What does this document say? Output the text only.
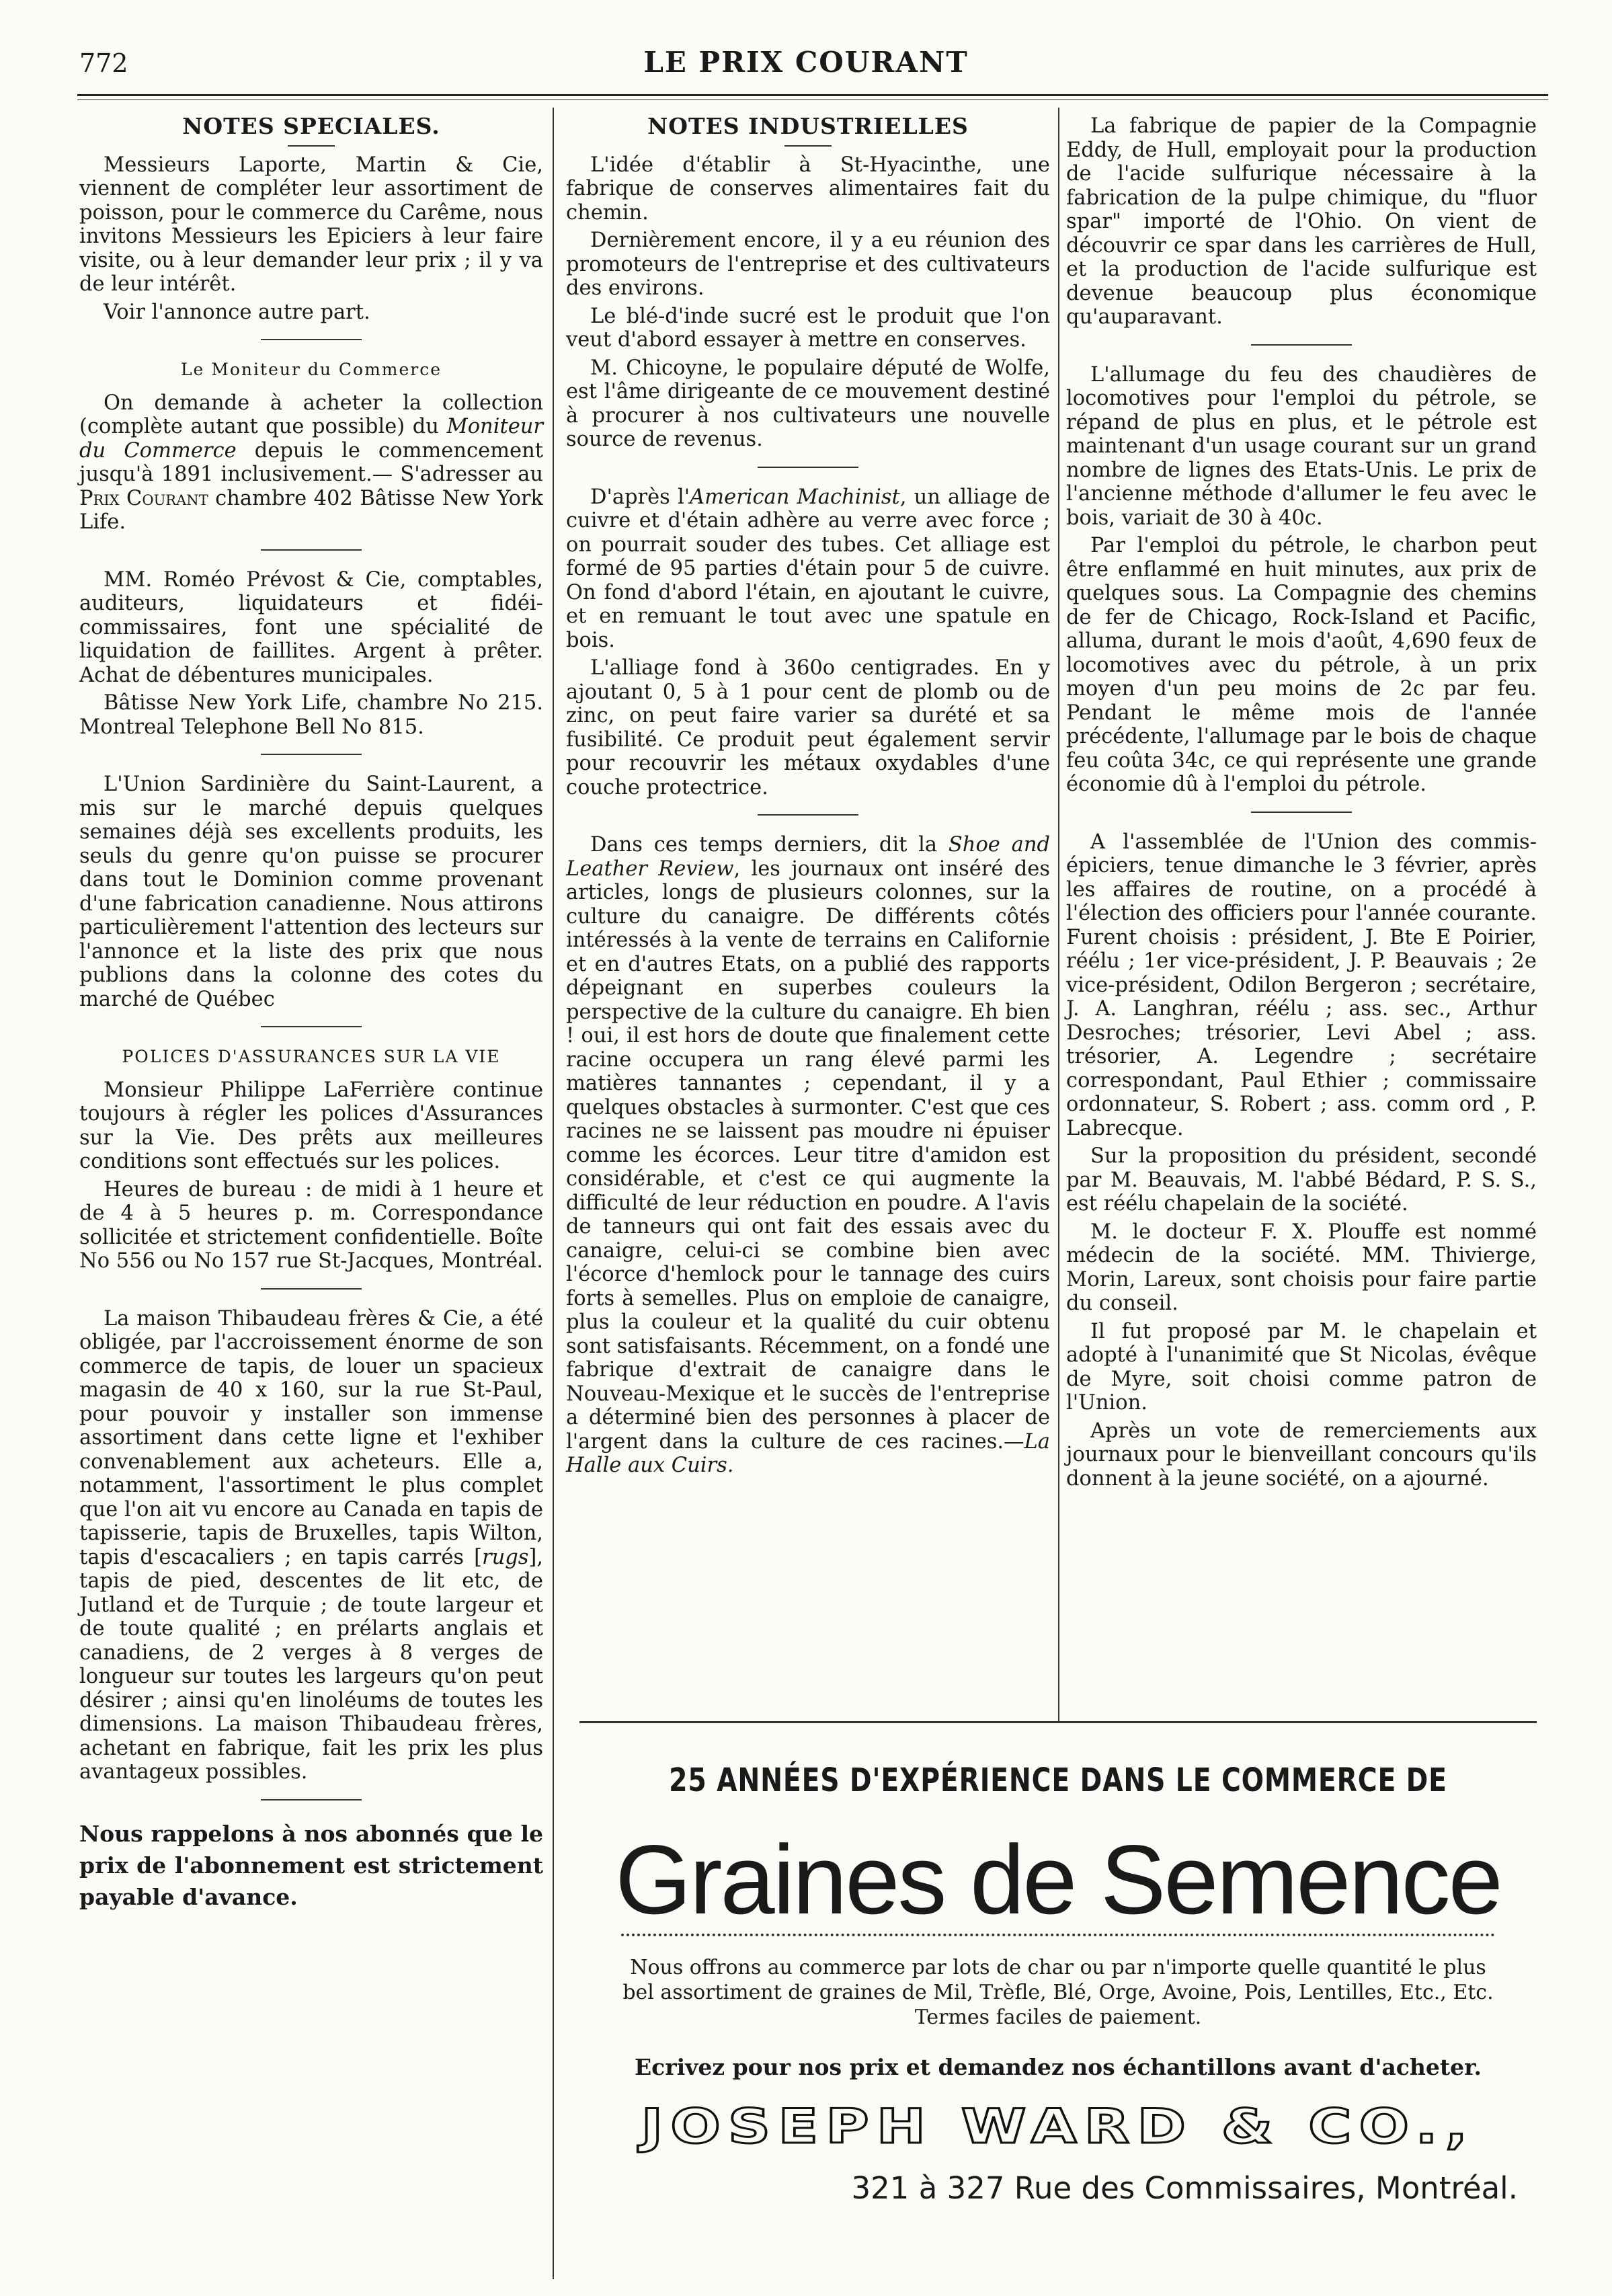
772	LE PRIX COURANT
NOTES SPECIALES.

Messieurs Laporte, Martin & Cie, viennent de compléter leur assortiment de poisson, pour le commerce du Carême, nous invitons Messieurs les Epiciers à leur faire visite, ou à leur demander leur prix ; il y va de leur intérêt.

Voir l'annonce autre part.

Le Moniteur du Commerce

On demande à acheter la collection (complète autant que possible) du Moniteur du Commerce depuis le commencement jusqu'à 1891 inclusivement.— S'adresser au Prix Courant chambre 402 Bâtisse New York Life.

MM. Roméo Prévost & Cie, comptables, auditeurs, liquidateurs et fidéi-commissaires, font une spécialité de liquidation de faillites. Argent à prêter. Achat de débentures municipales.

Bâtisse New York Life, chambre No 215. Montreal Telephone Bell No 815.

L'Union Sardinière du Saint-Laurent, a mis sur le marché depuis quelques semaines déjà ses excellents produits, les seuls du genre qu'on puisse se procurer dans tout le Dominion comme provenant d'une fabrication canadienne. Nous attirons particulièrement l'attention des lecteurs sur l'annonce et la liste des prix que nous publions dans la colonne des cotes du marché de Québec

POLICES D'ASSURANCES SUR LA VIE

Monsieur Philippe LaFerrière continue toujours à régler les polices d'Assurances sur la Vie. Des prêts aux meilleures conditions sont effectués sur les polices.

Heures de bureau : de midi à 1 heure et de 4 à 5 heures p. m. Correspondance sollicitée et strictement confidentielle. Boîte No 556 ou No 157 rue St-Jacques, Montréal.

La maison Thibaudeau frères & Cie, a été obligée, par l'accroissement énorme de son commerce de tapis, de louer un spacieux magasin de 40 x 160, sur la rue St-Paul, pour pouvoir y installer son immense assortiment dans cette ligne et l'exhiber convenablement aux acheteurs. Elle a, notamment, l'assortiment le plus complet que l'on ait vu encore au Canada en tapis de tapisserie, tapis de Bruxelles, tapis Wilton, tapis d'escacaliers ; en tapis carrés [rugs], tapis de pied, descentes de lit etc, de Jutland et de Turquie ; de toute largeur et de toute qualité ; en prélarts anglais et canadiens, de 2 verges à 8 verges de longueur sur toutes les largeurs qu'on peut désirer ; ainsi qu'en linoléums de toutes les dimensions. La maison Thibaudeau frères, achetant en fabrique, fait les prix les plus avantageux possibles.

Nous rappelons à nos abonnés que le prix de l'abonnement est strictement payable d'avance.
NOTES INDUSTRIELLES

L'idée d'établir à St-Hyacinthe, une fabrique de conserves alimentaires fait du chemin.

Dernièrement encore, il y a eu réunion des promoteurs de l'entreprise et des cultivateurs des environs.

Le blé-d'inde sucré est le produit que l'on veut d'abord essayer à mettre en conserves.

M. Chicoyne, le populaire député de Wolfe, est l'âme dirigeante de ce mouvement destiné à procurer à nos cultivateurs une nouvelle source de revenus.

D'après l'American Machinist, un alliage de cuivre et d'étain adhère au verre avec force ; on pourrait souder des tubes. Cet alliage est formé de 95 parties d'étain pour 5 de cuivre. On fond d'abord l'étain, en ajoutant le cuivre, et en remuant le tout avec une spatule en bois.

L'alliage fond à 360o centigrades. En y ajoutant 0, 5 à 1 pour cent de plomb ou de zinc, on peut faire varier sa durété et sa fusibilité. Ce produit peut également servir pour recouvrir les métaux oxydables d'une couche protectrice.

Dans ces temps derniers, dit la Shoe and Leather Review, les journaux ont inséré des articles, longs de plusieurs colonnes, sur la culture du canaigre. De différents côtés intéressés à la vente de terrains en Californie et en d'autres Etats, on a publié des rapports dépeignant en superbes couleurs la perspective de la culture du canaigre. Eh bien ! oui, il est hors de doute que finalement cette racine occupera un rang élevé parmi les matières tannantes ; cependant, il y a quelques obstacles à surmonter. C'est que ces racines ne se laissent pas moudre ni épuiser comme les écorces. Leur titre d'amidon est considérable, et c'est ce qui augmente la difficulté de leur réduction en poudre. A l'avis de tanneurs qui ont fait des essais avec du canaigre, celui-ci se combine bien avec l'écorce d'hemlock pour le tannage des cuirs forts à semelles. Plus on emploie de canaigre, plus la couleur et la qualité du cuir obtenu sont satisfaisants. Récemment, on a fondé une fabrique d'extrait de canaigre dans le Nouveau-Mexique et le succès de l'entreprise a déterminé bien des personnes à placer de l'argent dans la culture de ces racines.—La Halle aux Cuirs.

La fabrique de papier de la Compagnie Eddy, de Hull, employait pour la production de l'acide sulfurique nécessaire à la fabrication de la pulpe chimique, du "fluor spar" importé de l'Ohio. On vient de découvrir ce spar dans les carrières de Hull, et la production de l'acide sulfurique est devenue beaucoup plus économique qu'auparavant.

L'allumage du feu des chaudières de locomotives pour l'emploi du pétrole, se répand de plus en plus, et le pétrole est maintenant d'un usage courant sur un grand nombre de lignes des Etats-Unis. Le prix de l'ancienne méthode d'allumer le feu avec le bois, variait de 30 à 40c.

Par l'emploi du pétrole, le charbon peut être enflammé en huit minutes, aux prix de quelques sous. La Compagnie des chemins de fer de Chicago, Rock-Island et Pacific, alluma, durant le mois d'août, 4,690 feux de locomotives avec du pétrole, à un prix moyen d'un peu moins de 2c par feu. Pendant le même mois de l'année précédente, l'allumage par le bois de chaque feu coûta 34c, ce qui représente une grande économie dû à l'emploi du pétrole.

A l'assemblée de l'Union des commis-épiciers, tenue dimanche le 3 février, après les affaires de routine, on a procédé à l'élection des officiers pour l'année courante. Furent choisis : président, J. Bte E Poirier, réélu ; 1er vice-président, J. P. Beauvais ; 2e vice-président, Odilon Bergeron ; secrétaire, J. A. Langhran, réélu ; ass. sec., Arthur Desroches; trésorier, Levi Abel ; ass. trésorier, A. Legendre ; secrétaire correspondant, Paul Ethier ; commissaire ordonnateur, S. Robert ; ass. comm ord , P. Labrecque.

Sur la proposition du président, secondé par M. Beauvais, M. l'abbé Bédard, P. S. S., est réélu chapelain de la société.

M. le docteur F. X. Plouffe est nommé médecin de la société. MM. Thivierge, Morin, Lareux, sont choisis pour faire partie du conseil.

Il fut proposé par M. le chapelain et adopté à l'unanimité que St Nicolas, évêque de Myre, soit choisi comme patron de l'Union.

Après un vote de remerciements aux journaux pour le bienveillant concours qu'ils donnent à la jeune société, on a ajourné.

25 ANNÉES D'EXPÉRIENCE DANS LE COMMERCE DE
Graines de Semence
Nous offrons au commerce par lots de char ou par n'importe quelle quantité le plus bel assortiment de graines de Mil, Trèfle, Blé, Orge, Avoine, Pois, Lentilles, Etc., Etc. Termes faciles de paiement.
Ecrivez pour nos prix et demandez nos échantillons avant d'acheter.
JOSEPH WARD & CO.,
321 à 327 Rue des Commissaires, Montréal.
